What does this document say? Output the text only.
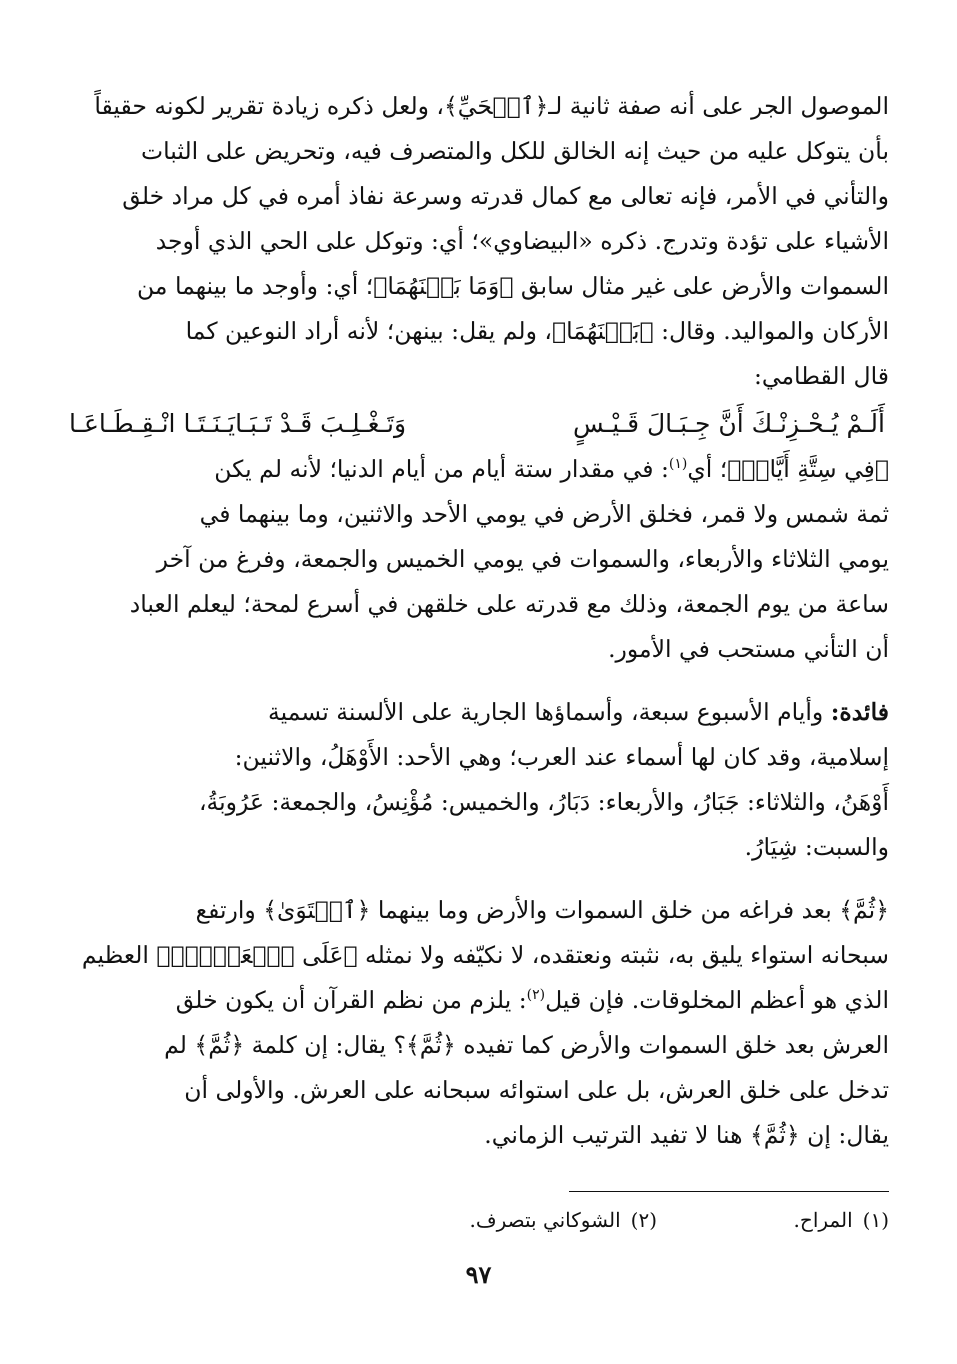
الموصول الجر على أنه صفة ثانية لـ﴿ٱلۡحَيِّ﴾، ولعل ذكره زيادة تقرير لكونه حقيقاً
بأن يتوكل عليه من حيث إنه الخالق للكل والمتصرف فيه، وتحريض على الثبات
والتأني في الأمر، فإنه تعالى مع كمال قدرته وسرعة نفاذ أمره في كل مراد خلق
الأشياء على تؤدة وتدرج. ذكره «البيضاوي»؛ أي: وتوكل على الحي الذي أوجد
السموات والأرض على غير مثال سابق ﴿وَمَا بَيۡنَهُمَا﴾؛ أي: وأوجد ما بينهما من
الأركان والمواليد. وقال: ﴿بَيۡنَهُمَا﴾، ولم يقل: بينهن؛ لأنه أراد النوعين كما
قال القطامي:
أَلَـمْ يُـحْـزِنْـكَ أَنَّ جِـبَـالَ قَـيْـسٍ
وَتَـغْـلِـبَ قَـدْ تَـبَـايَـنَـتَـا انْـقِـطَـاعَـا
﴿فِي سِتَّةِ أَيَّامٖ﴾؛ أي$^{(١)}$: في مقدار ستة أيام من أيام الدنيا؛ لأنه لم يكن
ثمة شمس ولا قمر، فخلق الأرض في يومي الأحد والاثنين، وما بينهما في
يومي الثلاثاء والأربعاء، والسموات في يومي الخميس والجمعة، وفرغ من آخر
ساعة من يوم الجمعة، وذلك مع قدرته على خلقهن في أسرع لمحة؛ ليعلم العباد
أن التأني مستحب في الأمور.
فائدة: وأيام الأسبوع سبعة، وأسماؤها الجارية على الألسنة تسمية
إسلامية، وقد كان لها أسماء عند العرب؛ وهي الأحد: الأَوْهَلُ، والاثنين:
أَوْهَنُ، والثلاثاء: جَبَارُ، والأربعاء: دَبَارُ، والخميس: مُؤْنِسُ، والجمعة: عَرُوبَةُ،
والسبت: شِيَارُ.
﴿ثُمَّ﴾ بعد فراغه من خلق السموات والأرض وما بينهما ﴿ٱسۡتَوَىٰ﴾ وارتفع
سبحانه استواء يليق به، نثبته ونعتقده، لا نكيّفه ولا نمثله ﴿عَلَى ٱلۡعَرۡشِۚ﴾ العظيم
الذي هو أعظم المخلوقات. فإن قيل$^{(٢)}$: يلزم من نظم القرآن أن يكون خلق
العرش بعد خلق السموات والأرض كما تفيده ﴿ثُمَّ﴾؟ يقال: إن كلمة ﴿ثُمَّ﴾ لم
تدخل على خلق العرش، بل على استوائه سبحانه على العرش. والأولى أن
يقال: إن ﴿ثُمَّ﴾ هنا لا تفيد الترتيب الزماني.
(١)المراح.
(٢)الشوكاني بتصرف.
٩٧
